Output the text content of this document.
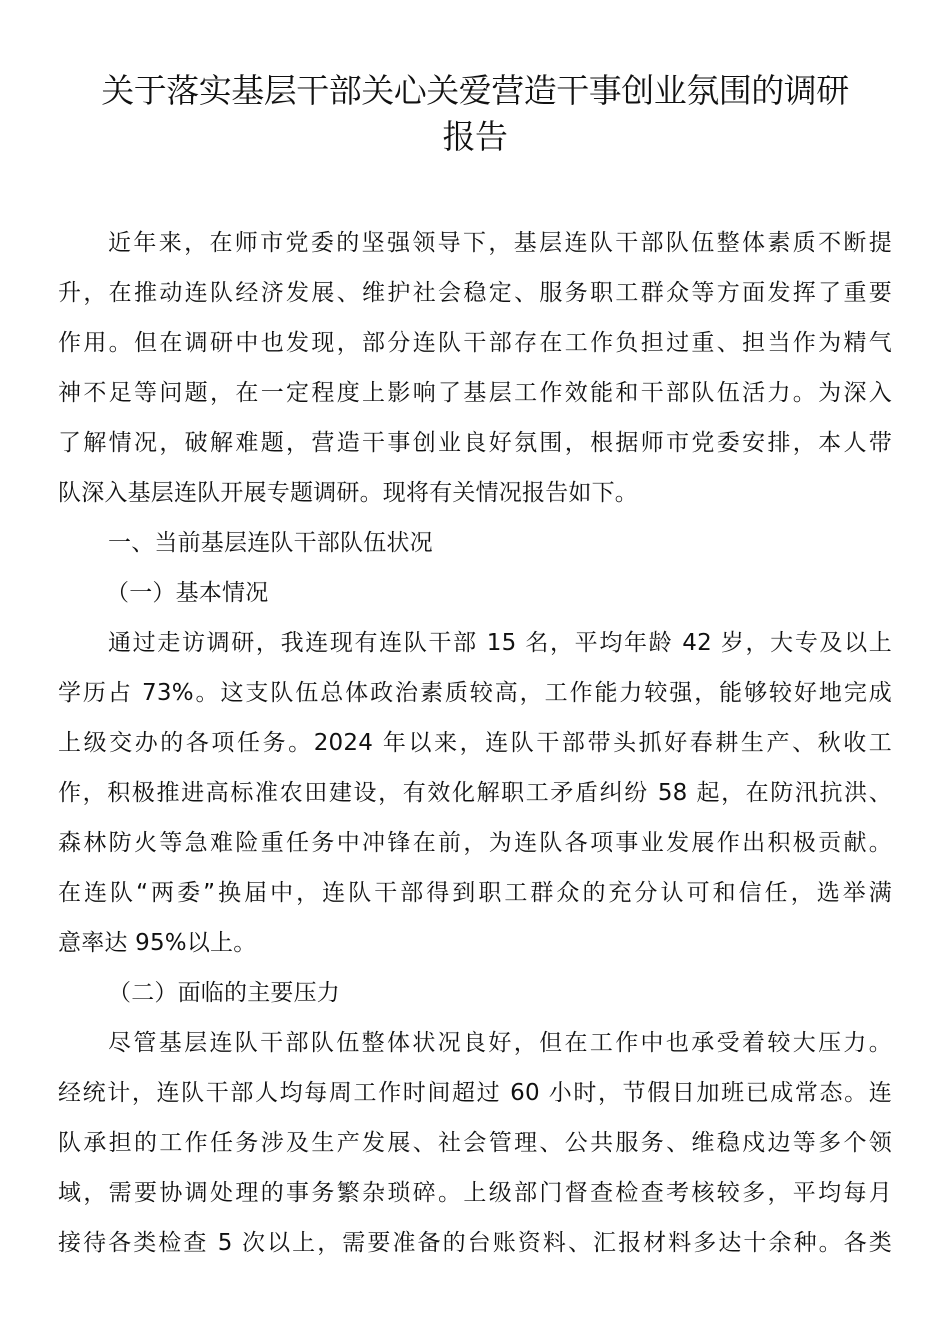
关于落实基层干部关心关爱营造干事创业氛围的调研
报告
近年来，在师市党委的坚强领导下，基层连队干部队伍整体素质不断提
升，在推动连队经济发展、维护社会稳定、服务职工群众等方面发挥了重要
作用。但在调研中也发现，部分连队干部存在工作负担过重、担当作为精气
神不足等问题，在一定程度上影响了基层工作效能和干部队伍活力。为深入
了解情况，破解难题，营造干事创业良好氛围，根据师市党委安排，本人带
队深入基层连队开展专题调研。现将有关情况报告如下。
一、当前基层连队干部队伍状况
（一）基本情况
通过走访调研，我连现有连队干部 15 名，平均年龄 42 岁，大专及以上
学历占 73%。这支队伍总体政治素质较高，工作能力较强，能够较好地完成
上级交办的各项任务。2024 年以来，连队干部带头抓好春耕生产、秋收工
作，积极推进高标准农田建设，有效化解职工矛盾纠纷 58 起，在防汛抗洪、
森林防火等急难险重任务中冲锋在前，为连队各项事业发展作出积极贡献。
在连队“两委”换届中，连队干部得到职工群众的充分认可和信任，选举满
意率达 95%以上。
（二）面临的主要压力
尽管基层连队干部队伍整体状况良好，但在工作中也承受着较大压力。
经统计，连队干部人均每周工作时间超过 60 小时，节假日加班已成常态。连
队承担的工作任务涉及生产发展、社会管理、公共服务、维稳戍边等多个领
域，需要协调处理的事务繁杂琐碎。上级部门督查检查考核较多，平均每月
接待各类检查 5 次以上，需要准备的台账资料、汇报材料多达十余种。各类
